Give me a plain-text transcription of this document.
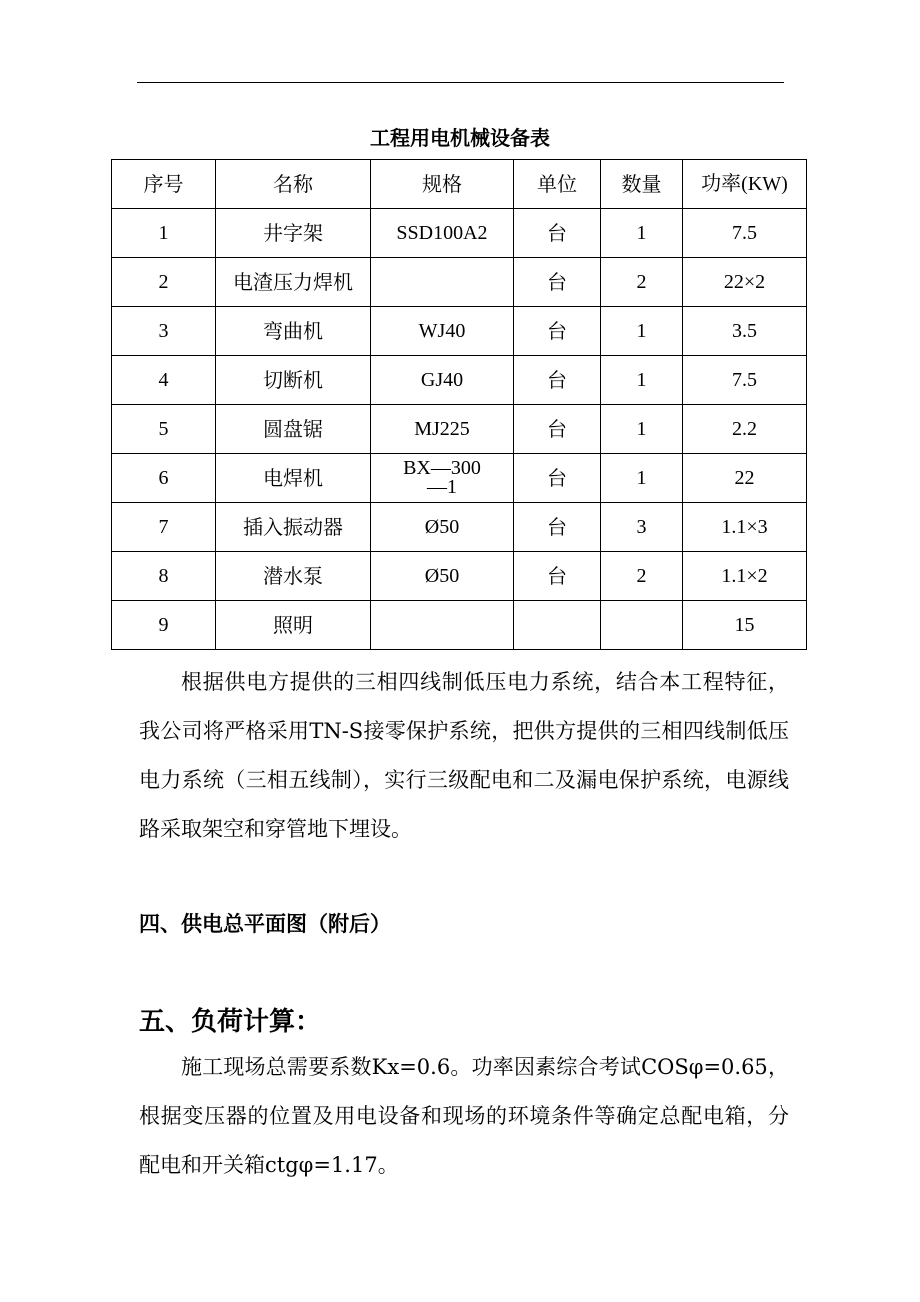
工程用电机械设备表
序号	名称	规格	单位	数量	功率(KW)
1	井字架	SSD100A2	台	1	7.5
2	电渣压力焊机		台	2	22×2
3	弯曲机	WJ40	台	1	3.5
4	切断机	GJ40	台	1	7.5
5	圆盘锯	MJ225	台	1	2.2
6	电焊机	BX—300—1	台	1	22
7	插入振动器	Ø50	台	3	1.1×3
8	潜水泵	Ø50	台	2	1.1×2
9	照明				15

根据供电方提供的三相四线制低压电力系统，结合本工程特征，我公司将严格采用TN-S接零保护系统，把供方提供的三相四线制低压电力系统（三相五线制），实行三级配电和二及漏电保护系统，电源线路采取架空和穿管地下埋设。

四、供电总平面图（附后）
五、负荷计算：

施工现场总需要系数Kx=0.6。功率因素综合考试COSφ=0.65，根据变压器的位置及用电设备和现场的环境条件等确定总配电箱，分配电和开关箱ctgφ=1.17。
